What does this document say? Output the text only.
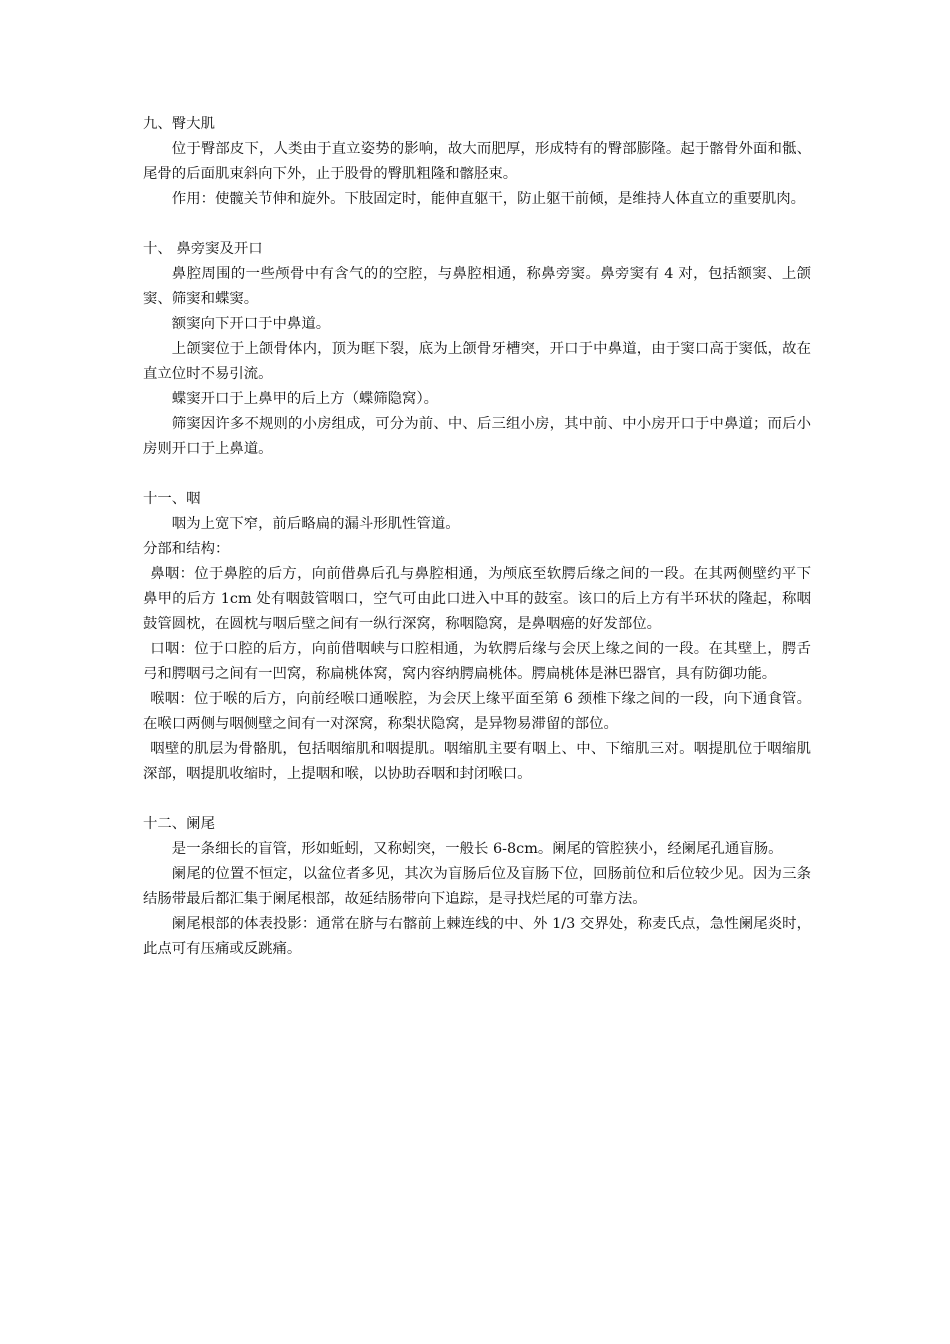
九、臀大肌

位于臀部皮下，人类由于直立姿势的影响，故大而肥厚，形成特有的臀部膨隆。起于髂骨外面和骶、尾骨的后面肌束斜向下外，止于股骨的臀肌粗隆和髂胫束。

作用：使髋关节伸和旋外。下肢固定时，能伸直躯干，防止躯干前倾，是维持人体直立的重要肌肉。

十、 鼻旁窦及开口

鼻腔周围的一些颅骨中有含气的的空腔，与鼻腔相通，称鼻旁窦。鼻旁窦有 4 对，包括额窦、上颌窦、筛窦和蝶窦。

额窦向下开口于中鼻道。

上颌窦位于上颌骨体内，顶为眶下裂，底为上颌骨牙槽突，开口于中鼻道，由于窦口高于窦低，故在直立位时不易引流。

蝶窦开口于上鼻甲的后上方（蝶筛隐窝）。

筛窦因许多不规则的小房组成，可分为前、中、后三组小房，其中前、中小房开口于中鼻道；而后小房则开口于上鼻道。

十一、咽

咽为上宽下窄，前后略扁的漏斗形肌性管道。

分部和结构：

鼻咽：位于鼻腔的后方，向前借鼻后孔与鼻腔相通，为颅底至软腭后缘之间的一段。在其两侧壁约平下鼻甲的后方 1cm 处有咽鼓管咽口，空气可由此口进入中耳的鼓室。该口的后上方有半环状的隆起，称咽鼓管圆枕，在圆枕与咽后壁之间有一纵行深窝，称咽隐窝，是鼻咽癌的好发部位。

口咽：位于口腔的后方，向前借咽峡与口腔相通，为软腭后缘与会厌上缘之间的一段。在其壁上，腭舌弓和腭咽弓之间有一凹窝，称扁桃体窝，窝内容纳腭扁桃体。腭扁桃体是淋巴器官，具有防御功能。

喉咽：位于喉的后方，向前经喉口通喉腔，为会厌上缘平面至第 6 颈椎下缘之间的一段，向下通食管。在喉口两侧与咽侧壁之间有一对深窝，称梨状隐窝，是异物易滞留的部位。

咽壁的肌层为骨骼肌，包括咽缩肌和咽提肌。咽缩肌主要有咽上、中、下缩肌三对。咽提肌位于咽缩肌深部，咽提肌收缩时，上提咽和喉，以协助吞咽和封闭喉口。

十二、阑尾

是一条细长的盲管，形如蚯蚓，又称蚓突，一般长 6-8cm。阑尾的管腔狭小，经阑尾孔通盲肠。

阑尾的位置不恒定，以盆位者多见，其次为盲肠后位及盲肠下位，回肠前位和后位较少见。因为三条结肠带最后都汇集于阑尾根部，故延结肠带向下追踪，是寻找烂尾的可靠方法。

阑尾根部的体表投影：通常在脐与右髂前上棘连线的中、外 1/3 交界处，称麦氏点，急性阑尾炎时，此点可有压痛或反跳痛。
